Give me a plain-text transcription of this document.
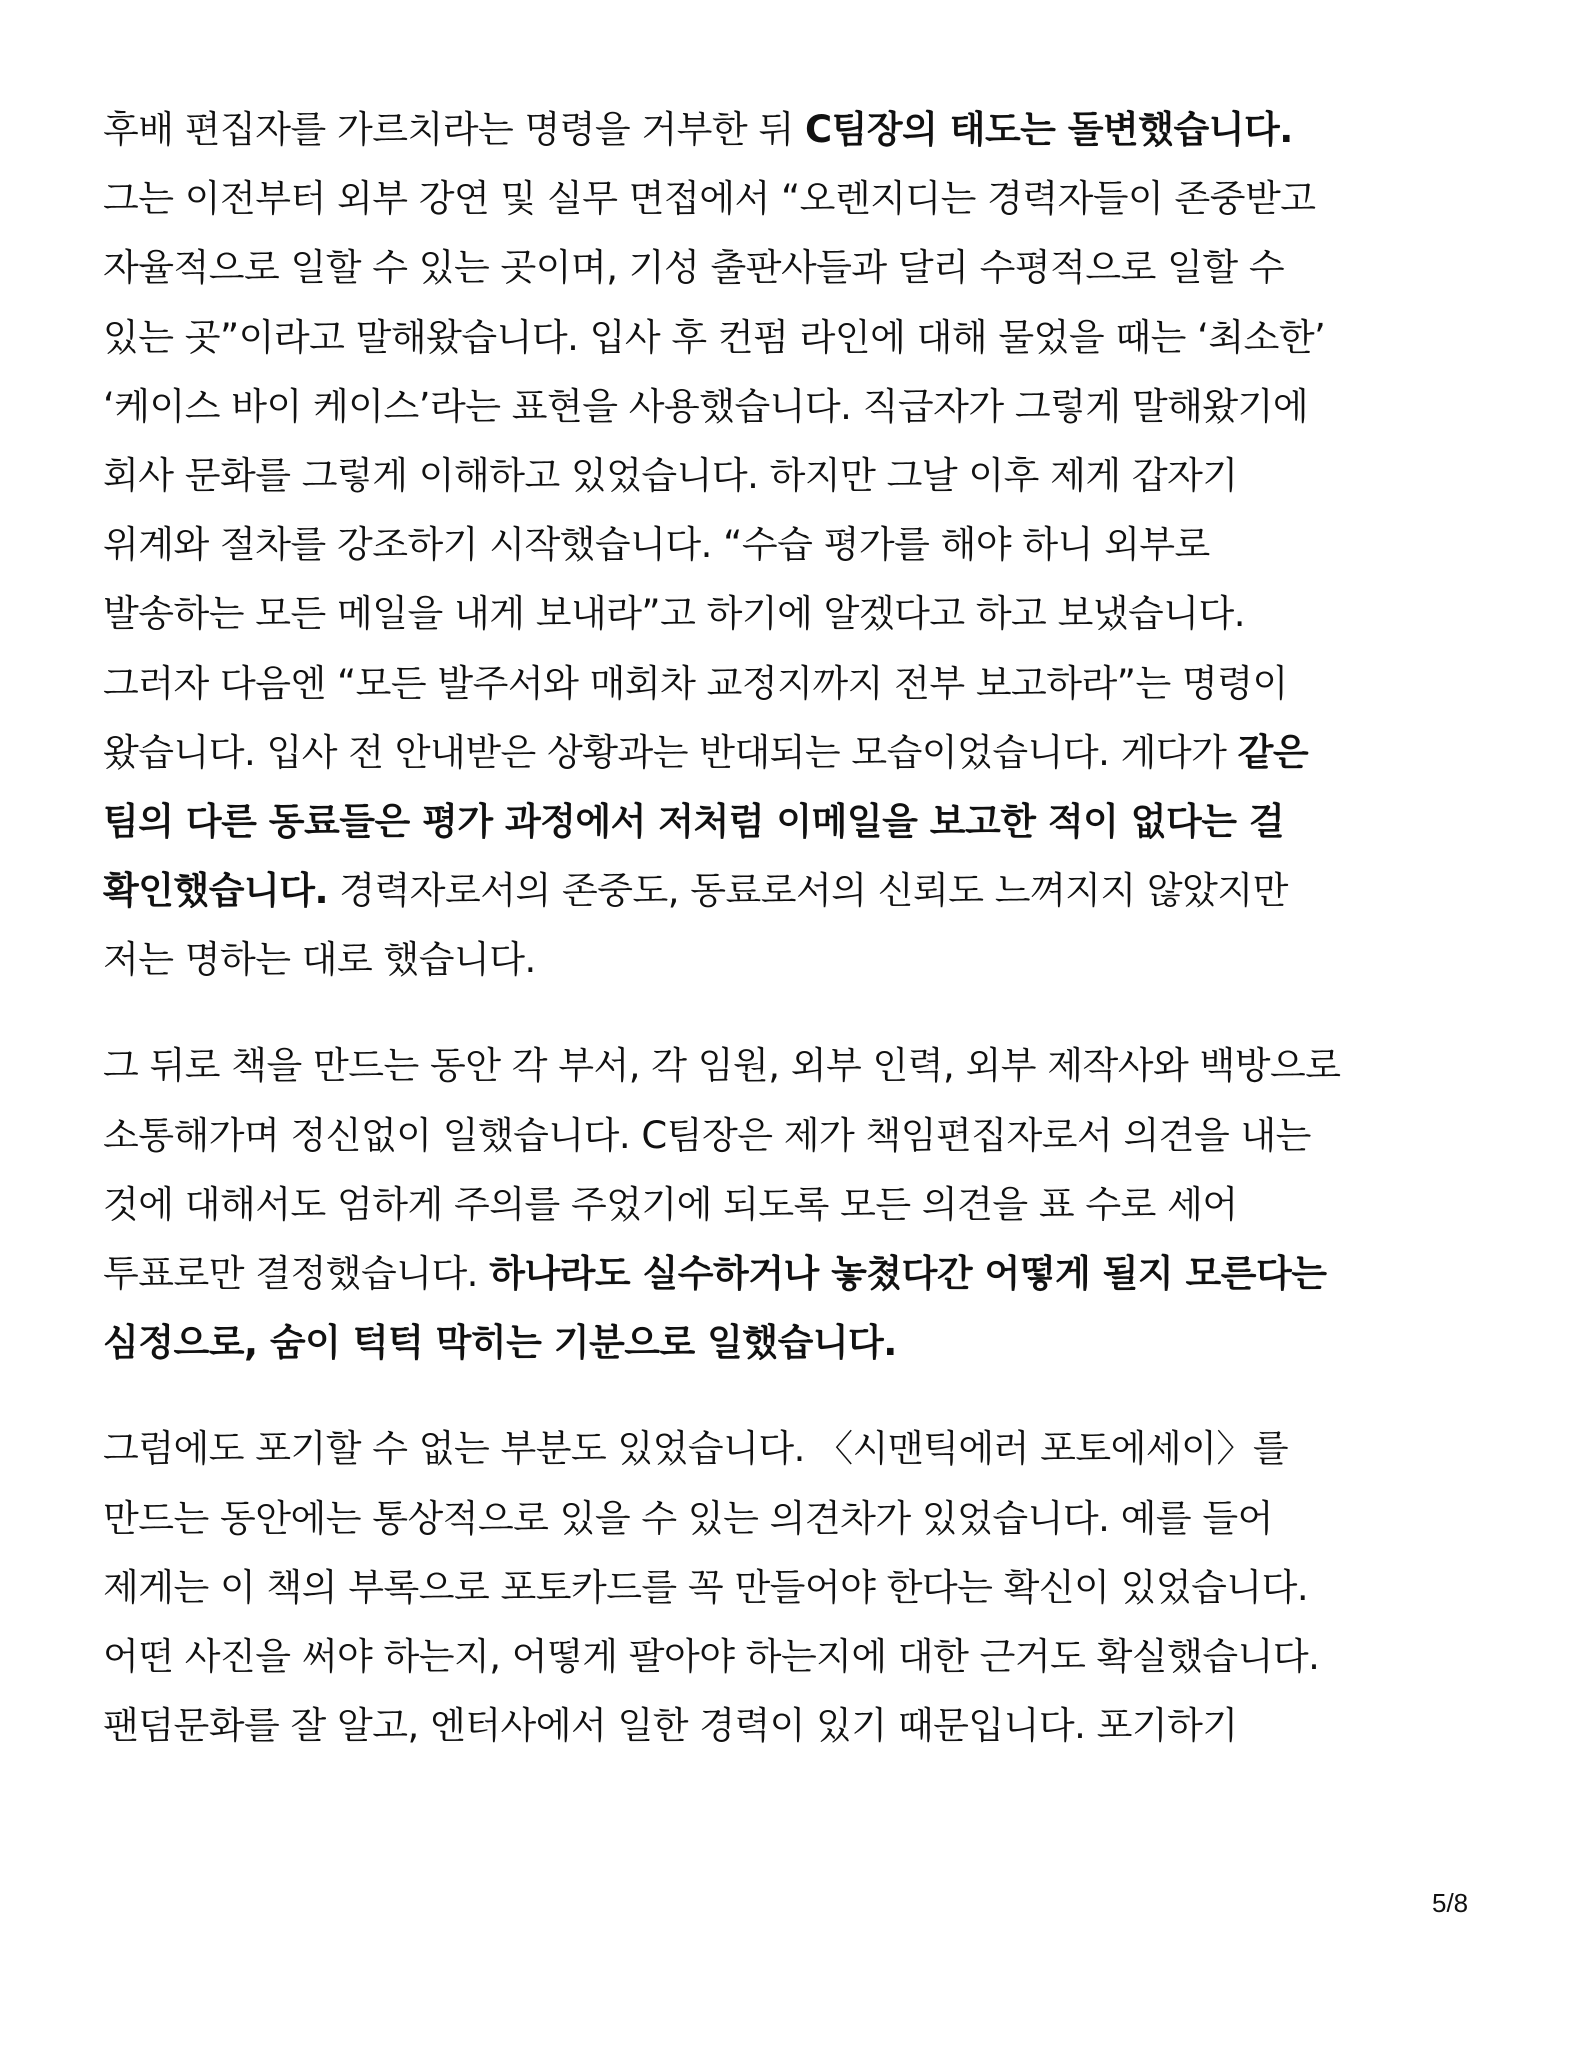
후배 편집자를 가르치라는 명령을 거부한 뒤 C팀장의 태도는 돌변했습니다.
그는 이전부터 외부 강연 및 실무 면접에서 “오렌지디는 경력자들이 존중받고
자율적으로 일할 수 있는 곳이며, 기성 출판사들과 달리 수평적으로 일할 수
있는 곳”이라고 말해왔습니다. 입사 후 컨펌 라인에 대해 물었을 때는 ‘최소한’
‘케이스 바이 케이스’라는 표현을 사용했습니다. 직급자가 그렇게 말해왔기에
회사 문화를 그렇게 이해하고 있었습니다. 하지만 그날 이후 제게 갑자기
위계와 절차를 강조하기 시작했습니다. “수습 평가를 해야 하니 외부로
발송하는 모든 메일을 내게 보내라”고 하기에 알겠다고 하고 보냈습니다.
그러자 다음엔 “모든 발주서와 매회차 교정지까지 전부 보고하라”는 명령이
왔습니다. 입사 전 안내받은 상황과는 반대되는 모습이었습니다. 게다가 같은
팀의 다른 동료들은 평가 과정에서 저처럼 이메일을 보고한 적이 없다는 걸
확인했습니다. 경력자로서의 존중도, 동료로서의 신뢰도 느껴지지 않았지만
저는 명하는 대로 했습니다.
그 뒤로 책을 만드는 동안 각 부서, 각 임원, 외부 인력, 외부 제작사와 백방으로
소통해가며 정신없이 일했습니다. C팀장은 제가 책임편집자로서 의견을 내는
것에 대해서도 엄하게 주의를 주었기에 되도록 모든 의견을 표 수로 세어
투표로만 결정했습니다. 하나라도 실수하거나 놓쳤다간 어떻게 될지 모른다는
심정으로, 숨이 턱턱 막히는 기분으로 일했습니다.
그럼에도 포기할 수 없는 부분도 있었습니다. 〈시맨틱에러 포토에세이〉를
만드는 동안에는 통상적으로 있을 수 있는 의견차가 있었습니다. 예를 들어
제게는 이 책의 부록으로 포토카드를 꼭 만들어야 한다는 확신이 있었습니다.
어떤 사진을 써야 하는지, 어떻게 팔아야 하는지에 대한 근거도 확실했습니다.
팬덤문화를 잘 알고, 엔터사에서 일한 경력이 있기 때문입니다. 포기하기
5/8
